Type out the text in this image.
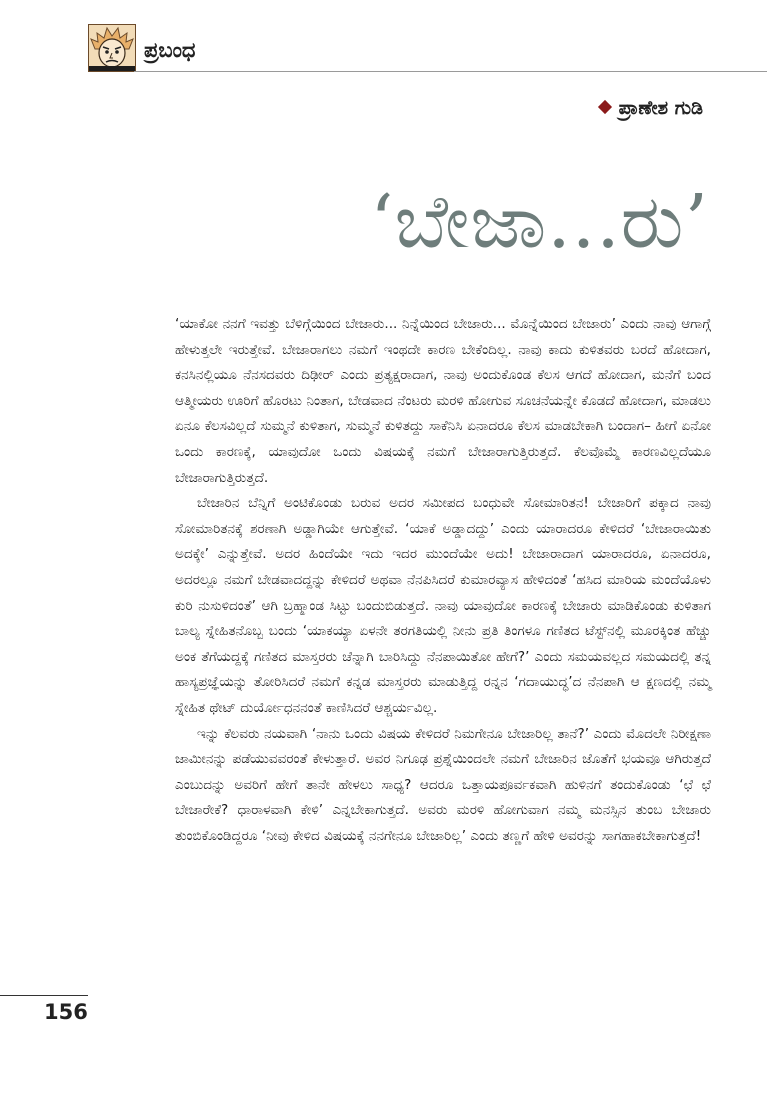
ಪ್ರಬಂಧ
ಪ್ರಾಣೇಶ ಗುಡಿ
‘ಬೇಜಾ...ರು’

‘ಯಾಕೋ ನನಗೆ ಇವತ್ತು ಬೆಳಿಗ್ಗೆಯಿಂದ ಬೇಜಾರು... ನಿನ್ನೆಯಿಂದ ಬೇಜಾರು... ಮೊನ್ನೆಯಿಂದ ಬೇಜಾರು’ ಎಂದು ನಾವು ಆಗಾಗ್ಗೆ ಹೇಳುತ್ತಲೇ ಇರುತ್ತೇವೆ. ಬೇಜಾರಾಗಲು ನಮಗೆ ಇಂಥದೇ ಕಾರಣ ಬೇಕೆಂದಿಲ್ಲ. ನಾವು ಕಾದು ಕುಳಿತವರು ಬರದೆ ಹೋದಾಗ, ಕನಸಿನಲ್ಲಿಯೂ ನೆನಸದವರು ದಿಢೀರ್ ಎಂದು ಪ್ರತ್ಯಕ್ಷರಾದಾಗ, ನಾವು ಅಂದುಕೊಂಡ ಕೆಲಸ ಆಗದೆ ಹೋದಾಗ, ಮನೆಗೆ ಬಂದ ಆತ್ಮೀಯರು ಊರಿಗೆ ಹೊರಟು ನಿಂತಾಗ, ಬೇಡವಾದ ನೆಂಟರು ಮರಳಿ ಹೋಗುವ ಸೂಚನೆಯನ್ನೇ ಕೊಡದೆ ಹೋದಾಗ, ಮಾಡಲು ಏನೂ ಕೆಲಸವಿಲ್ಲದೆ ಸುಮ್ಮನೆ ಕುಳಿತಾಗ, ಸುಮ್ಮನೆ ಕುಳಿತದ್ದು ಸಾಕೆನಿಸಿ ಏನಾದರೂ ಕೆಲಸ ಮಾಡಬೇಕಾಗಿ ಬಂದಾಗ– ಹೀಗೆ ಏನೋ ಒಂದು ಕಾರಣಕ್ಕೆ, ಯಾವುದೋ ಒಂದು ವಿಷಯಕ್ಕೆ ನಮಗೆ ಬೇಜಾರಾಗುತ್ತಿರುತ್ತದೆ. ಕೆಲವೊಮ್ಮೆ ಕಾರಣವಿಲ್ಲದೆಯೂ ಬೇಜಾರಾಗುತ್ತಿರುತ್ತದೆ.

ಬೇಜಾರಿನ ಬೆನ್ನಿಗೆ ಅಂಟಿಕೊಂಡು ಬರುವ ಅದರ ಸಮೀಪದ ಬಂಧುವೇ ಸೋಮಾರಿತನ! ಬೇಜಾರಿಗೆ ಪಕ್ಕಾದ ನಾವು ಸೋಮಾರಿತನಕ್ಕೆ ಶರಣಾಗಿ ಅಡ್ಡಾಗಿಯೇ ಆಗುತ್ತೇವೆ. ‘ಯಾಕೆ ಅಡ್ಡಾದದ್ದು’ ಎಂದು ಯಾರಾದರೂ ಕೇಳಿದರೆ ‘ಬೇಜಾರಾಯಿತು ಅದಕ್ಕೇ’ ಎನ್ನುತ್ತೇವೆ. ಅದರ ಹಿಂದೆಯೇ ಇದು ಇದರ ಮುಂದೆಯೇ ಅದು! ಬೇಜಾರಾದಾಗ ಯಾರಾದರೂ, ಏನಾದರೂ, ಅದರಲ್ಲೂ ನಮಗೆ ಬೇಡವಾದದ್ದನ್ನು ಕೇಳಿದರೆ ಅಥವಾ ನೆನಪಿಸಿದರೆ ಕುಮಾರವ್ಯಾಸ ಹೇಳಿದಂತೆ ‘ಹಸಿದ ಮಾರಿಯ ಮಂದೆಯೊಳು ಕುರಿ ನುಸುಳಿದಂತೆ’ ಆಗಿ ಬ್ರಹ್ಮಾಂಡ ಸಿಟ್ಟು ಬಂದುಬಿಡುತ್ತದೆ. ನಾವು ಯಾವುದೋ ಕಾರಣಕ್ಕೆ ಬೇಜಾರು ಮಾಡಿಕೊಂಡು ಕುಳಿತಾಗ ಬಾಲ್ಯ ಸ್ನೇಹಿತನೊಬ್ಬ ಬಂದು ‘ಯಾಕಯ್ಯಾ ಏಳನೇ ತರಗತಿಯಲ್ಲಿ ನೀನು ಪ್ರತಿ ತಿಂಗಳೂ ಗಣಿತದ ಟೆಸ್ಟ್‌ನಲ್ಲಿ ಮೂರಕ್ಕಿಂತ ಹೆಚ್ಚು ಅಂಕ ತೆಗೆಯದ್ದಕ್ಕೆ ಗಣಿತದ ಮಾಸ್ತರರು ಚೆನ್ನಾಗಿ ಬಾರಿಸಿದ್ದು ನೆನಪಾಯಿತೋ ಹೇಗೆ?’ ಎಂದು ಸಮಯವಲ್ಲದ ಸಮಯದಲ್ಲಿ ತನ್ನ ಹಾಸ್ಯಪ್ರಜ್ಞೆಯನ್ನು ತೋರಿಸಿದರೆ ನಮಗೆ ಕನ್ನಡ ಮಾಸ್ತರರು ಮಾಡುತ್ತಿದ್ದ ರನ್ನನ ‘ಗದಾಯುದ್ಧ’ದ ನೆನಪಾಗಿ ಆ ಕ್ಷಣದಲ್ಲಿ ನಮ್ಮ ಸ್ನೇಹಿತ ಥೇಟ್ ದುರ್ಯೋಧನನಂತೆ ಕಾಣಿಸಿದರೆ ಆಶ್ಚರ್ಯವಿಲ್ಲ.

ಇನ್ನು ಕೆಲವರು ನಯವಾಗಿ ‘ನಾನು ಒಂದು ವಿಷಯ ಕೇಳಿದರೆ ನಿಮಗೇನೂ ಬೇಜಾರಿಲ್ಲ ತಾನೆ?’ ಎಂದು ಮೊದಲೇ ನಿರೀಕ್ಷಣಾ ಜಾಮೀನನ್ನು ಪಡೆಯುವವರಂತೆ ಕೇಳುತ್ತಾರೆ. ಅವರ ನಿಗೂಢ ಪ್ರಶ್ನೆಯಿಂದಲೇ ನಮಗೆ ಬೇಜಾರಿನ ಜೊತೆಗೆ ಭಯವೂ ಆಗಿರುತ್ತದೆ ಎಂಬುದನ್ನು ಅವರಿಗೆ ಹೇಗೆ ತಾನೇ ಹೇಳಲು ಸಾಧ್ಯ? ಆದರೂ ಒತ್ತಾಯಪೂರ್ವಕವಾಗಿ ಹುಳಿನಗೆ ತಂದುಕೊಂಡು ‘ಛೆ ಛೆ ಬೇಜಾರೇಕೆ? ಧಾರಾಳವಾಗಿ ಕೇಳಿ’ ಎನ್ನಬೇಕಾಗುತ್ತದೆ. ಅವರು ಮರಳಿ ಹೋಗುವಾಗ ನಮ್ಮ ಮನಸ್ಸಿನ ತುಂಬ ಬೇಜಾರು ತುಂಬಿಕೊಂಡಿದ್ದರೂ ‘ನೀವು ಕೇಳಿದ ವಿಷಯಕ್ಕೆ ನನಗೇನೂ ಬೇಜಾರಿಲ್ಲ’ ಎಂದು ತಣ್ಣಗೆ ಹೇಳಿ ಅವರನ್ನು ಸಾಗಹಾಕಬೇಕಾಗುತ್ತದೆ!

156
